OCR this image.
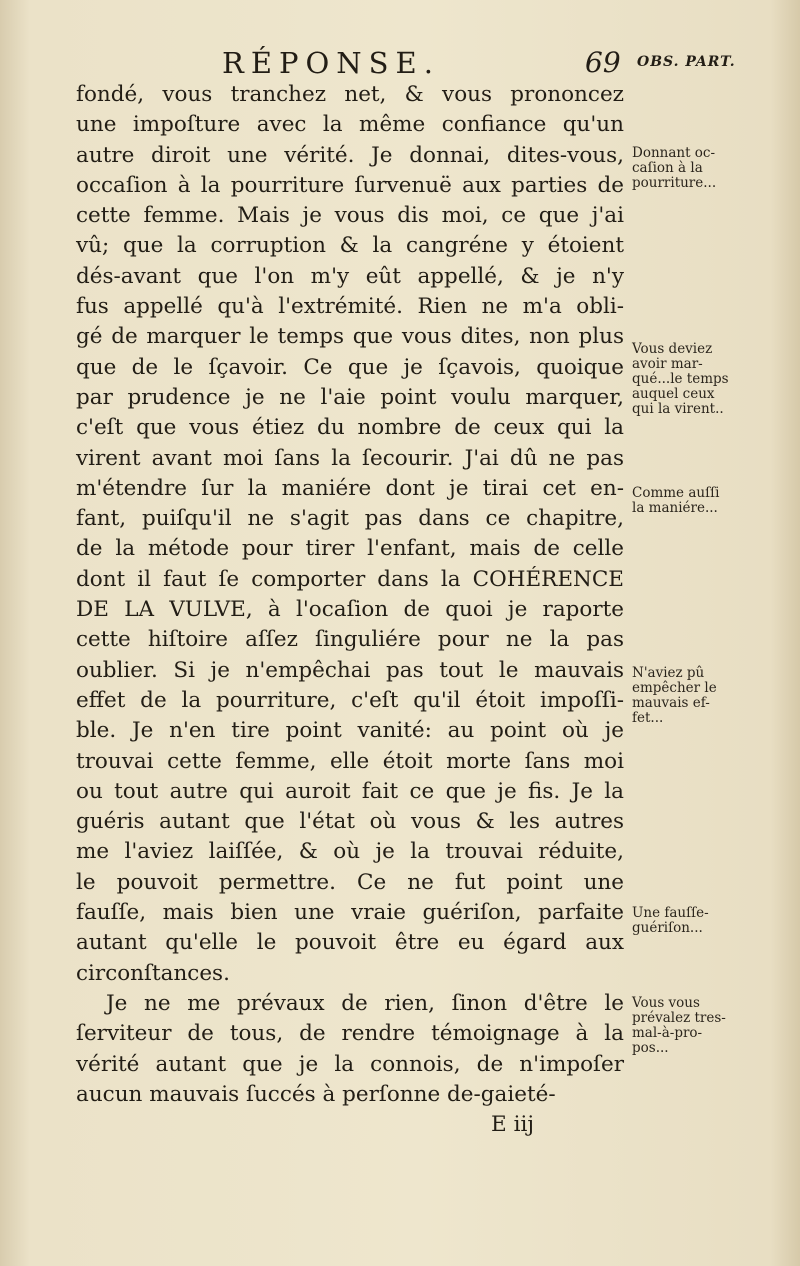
RÉPONSE.	69 OBS. PART.
fondé, vous tranchez net, & vous prononcez
une impoſture avec la même confiance qu'un
autre diroit une vérité. Je donnai, dites-vous,
occaſion à la pourriture ſurvenuë aux parties de
cette femme. Mais je vous dis moi, ce que j'ai
vû; que la corruption & la cangréne y étoient
dés-avant que l'on m'y eût appellé, & je n'y
fus appellé qu'à l'extrémité. Rien ne m'a obli-
gé de marquer le temps que vous dites, non plus
que de le ſçavoir. Ce que je ſçavois, quoique
par prudence je ne l'aie point voulu marquer,
c'eſt que vous étiez du nombre de ceux qui la
virent avant moi ſans la ſecourir. J'ai dû ne pas
m'étendre ſur la maniére dont je tirai cet en-
fant, puiſqu'il ne s'agit pas dans ce chapitre,
de la métode pour tirer l'enfant, mais de celle
dont il faut ſe comporter dans la COHÉRENCE
DE LA VULVE, à l'ocaſion de quoi je raporte
cette hiſtoire aſſez ſinguliére pour ne la pas
oublier. Si je n'empêchai pas tout le mauvais
effet de la pourriture, c'eſt qu'il étoit impoſſi-
ble. Je n'en tire point vanité: au point où je
trouvai cette femme, elle étoit morte ſans moi
ou tout autre qui auroit fait ce que je fis. Je la
guéris autant que l'état où vous & les autres
me l'aviez laiſſée, & où je la trouvai réduite,
le pouvoit permettre. Ce ne fut point une
fauſſe, mais bien une vraie guériſon, parfaite
autant qu'elle le pouvoit être eu égard aux
circonſtances.
Je ne me prévaux de rien, ſinon d'être le
ſerviteur de tous, de rendre témoignage à la
vérité autant que je la connois, de n'impoſer
aucun mauvais ſuccés à perſonne de-gaieté-
E iij
Donnant oc-
caſion à la
pourriture...
Vous deviez
avoir mar-
qué...le temps
auquel ceux
qui la virent..
Comme auſſi
la maniére...
N'aviez pû
empêcher le
mauvais ef-
fet...
Une fauſſe-
guériſon...
Vous vous
prévalez tres-
mal-à-pro-
pos...
